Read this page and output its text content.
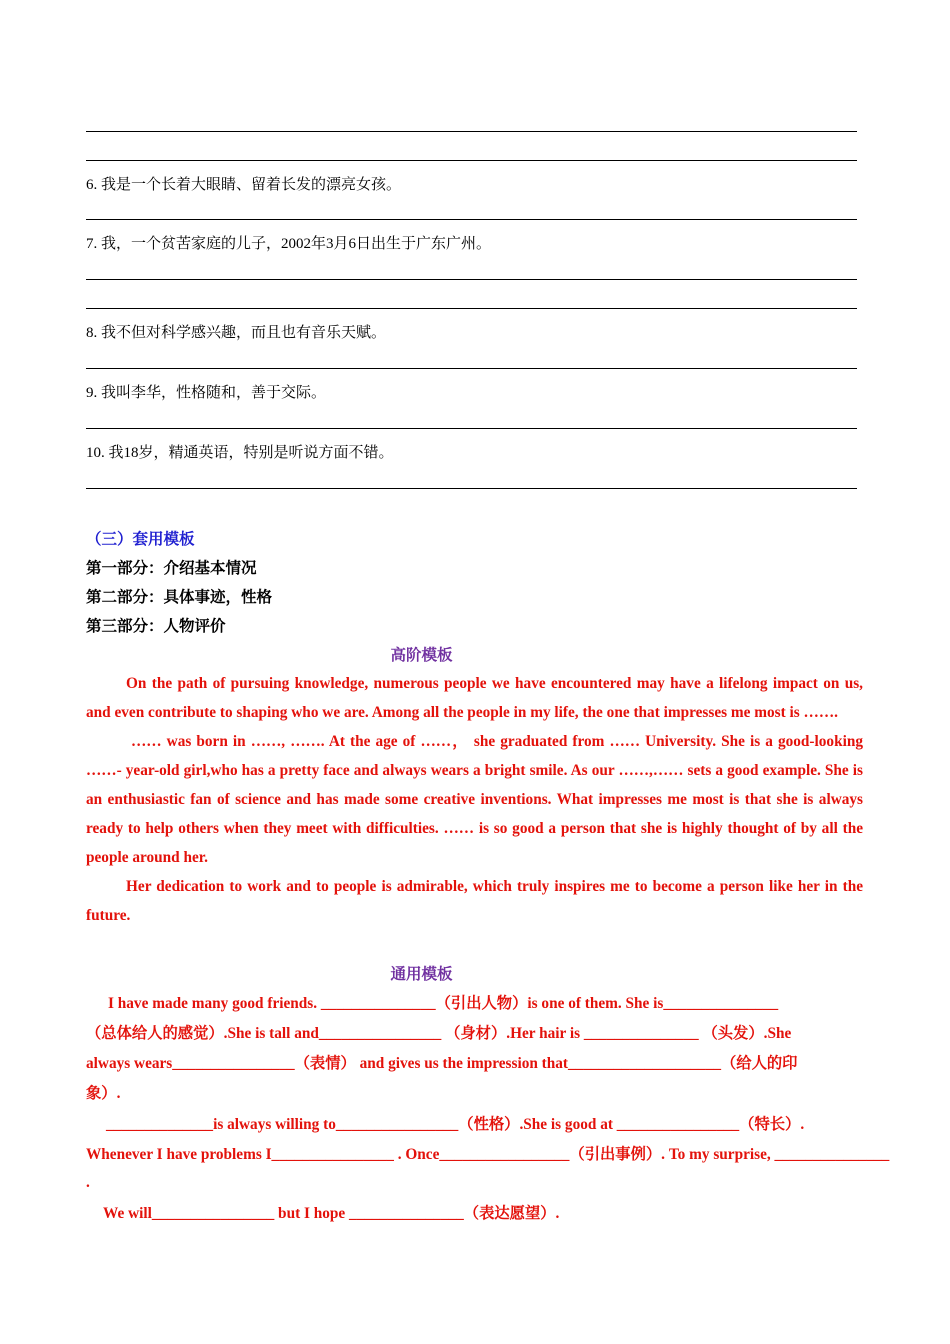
6. 我是一个长着大眼睛、留着长发的漂亮女孩。
7. 我，一个贫苦家庭的儿子，2002年3月6日出生于广东广州。
8. 我不但对科学感兴趣，而且也有音乐天赋。
9. 我叫李华，性格随和，善于交际。
10. 我18岁，精通英语，特别是听说方面不错。
（三）套用模板
第一部分：介绍基本情况
第二部分：具体事迹，性格
第三部分：人物评价
高阶模板

On the path of pursuing knowledge, numerous people we have encountered may have a lifelong impact on us, and even contribute to shaping who we are. Among all the people in my life, the one that impresses me most is …….

…… was born in ……, ……. At the age of ……， she graduated from …… University. She is a good-looking ……- year-old girl,who has a pretty face and always wears a bright smile. As our ……,…… sets a good example. She is an enthusiastic fan of science and has made some creative inventions. What impresses me most is that she is always ready to help others when they meet with difficulties. …… is so good a person that she is highly thought of by all the people around her.

Her dedication to work and to people is admirable, which truly inspires me to become a person like her in the future.

通用模板
I have made many good friends. _______________（引出人物）is one of them. She is_______________
（总体给人的感觉）.She is tall and________________ （身材）.Her hair is _______________ （头发）.She
always wears________________（表情） and gives us the impression that____________________（给人的印
象）.
______________is always willing to________________（性格）.She is good at ________________（特长）.
Whenever I have problems I________________ . Once_________________（引出事例）. To my surprise, _______________
.
We will________________ but I hope _______________（表达愿望）.
